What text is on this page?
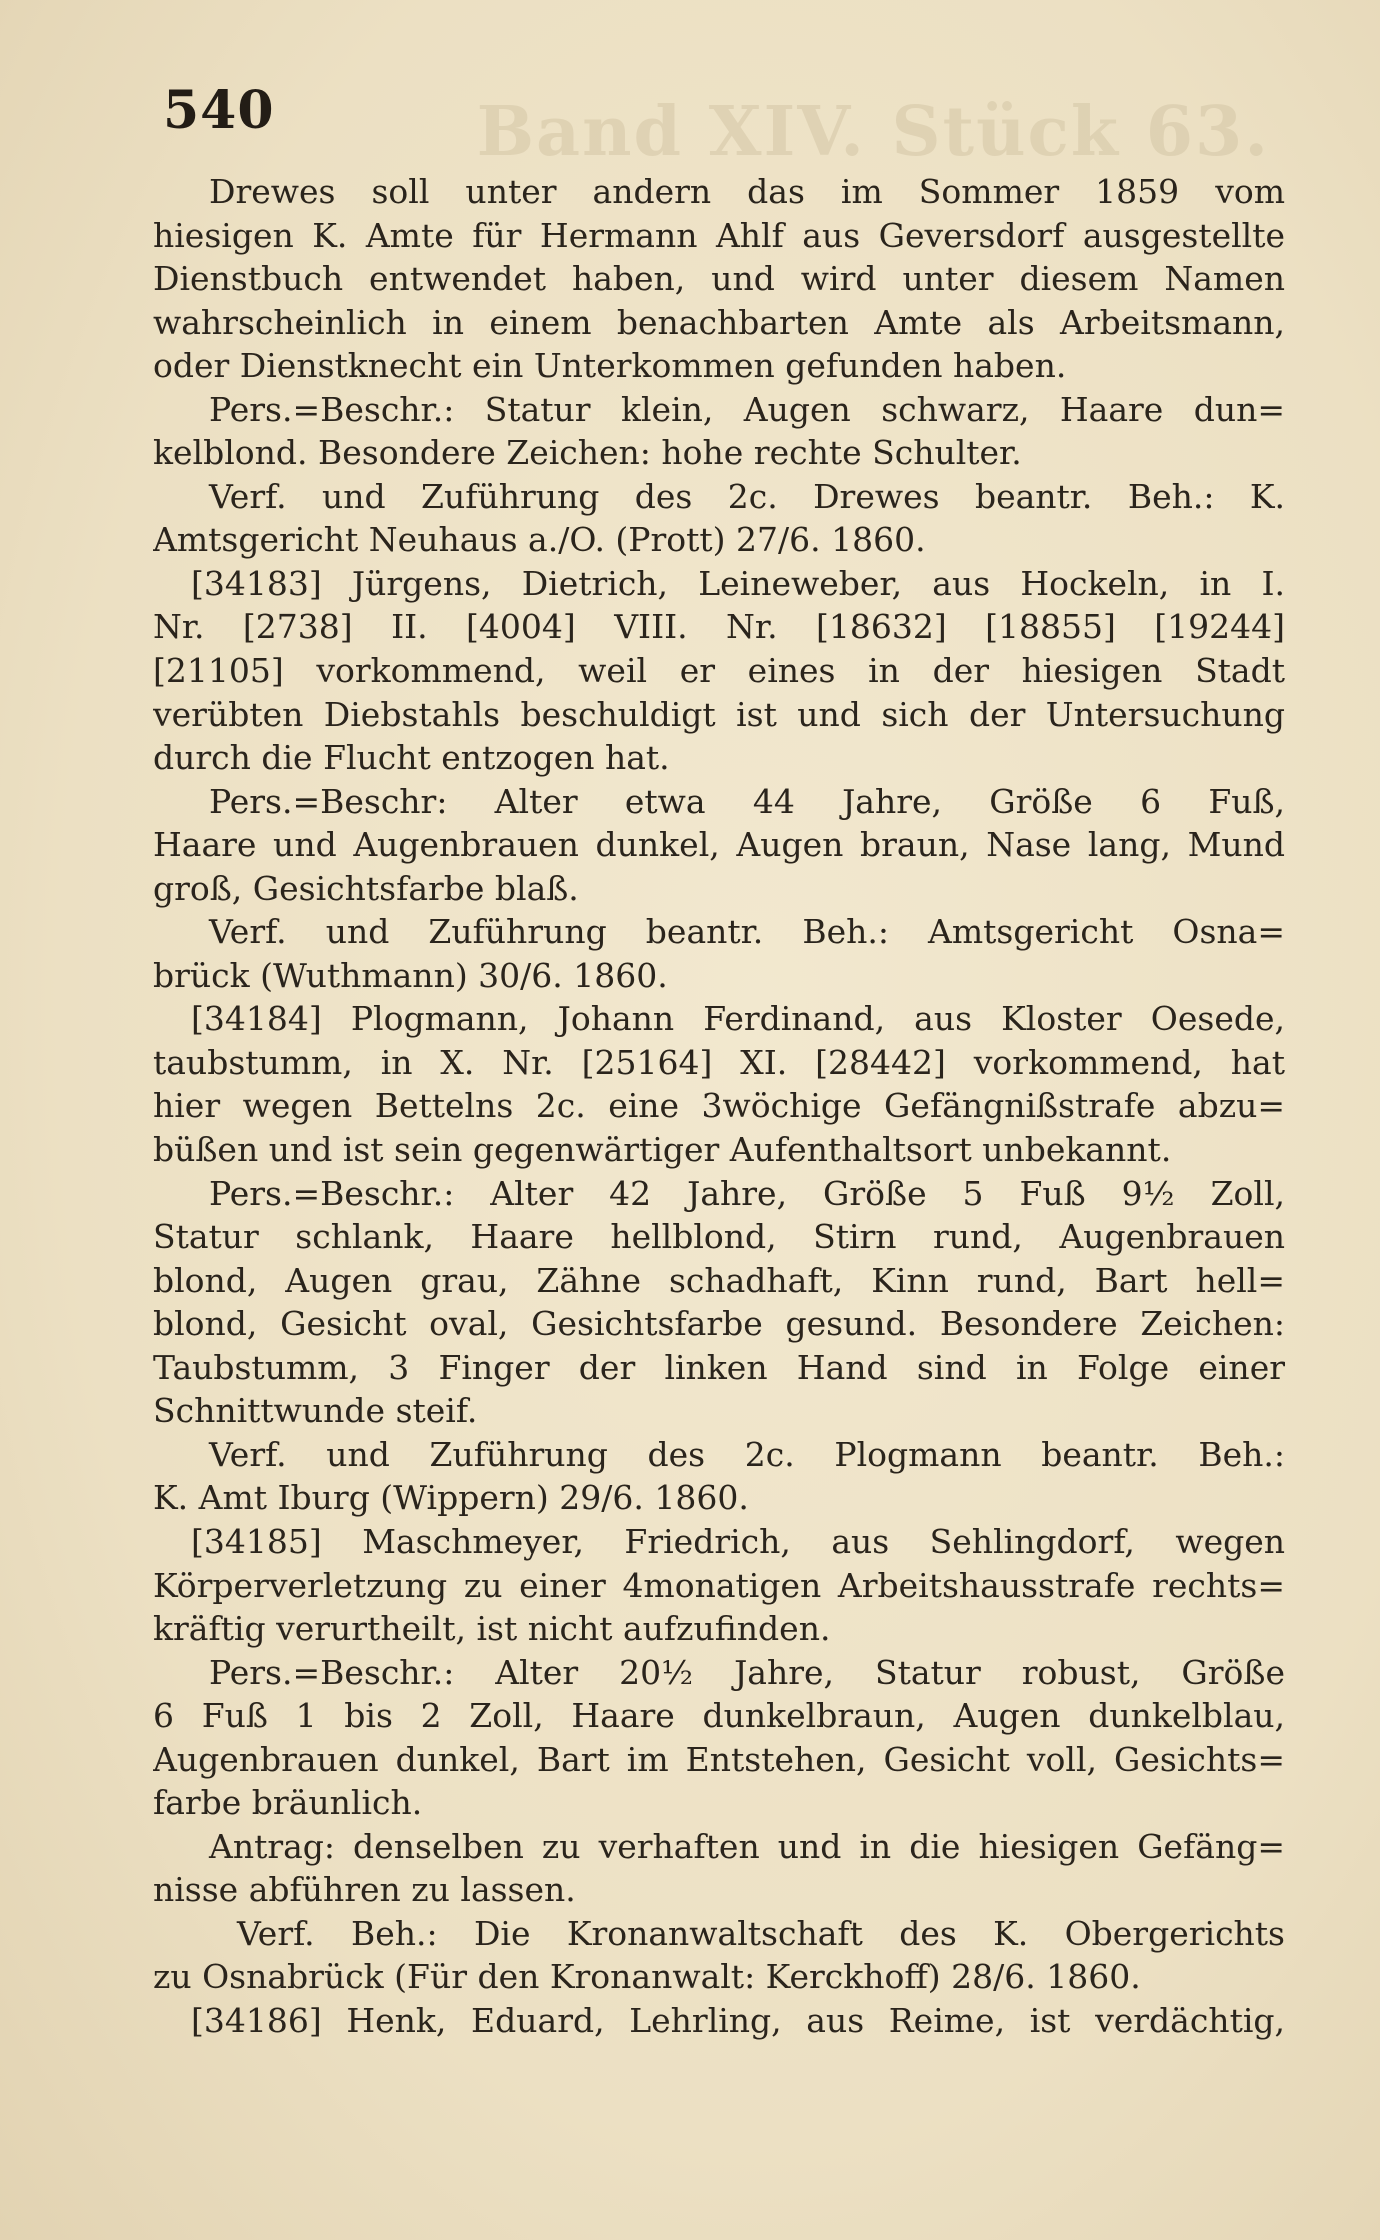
Band XIV. Stück 63.
540
Drewes soll unter andern das im Sommer 1859 vom
hiesigen K. Amte für Hermann Ahlf aus Geversdorf ausgestellte
Dienstbuch entwendet haben, und wird unter diesem Namen
wahrscheinlich in einem benachbarten Amte als Arbeitsmann,
oder Dienstknecht ein Unterkommen gefunden haben.
Pers.=Beschr.: Statur klein, Augen schwarz, Haare dun=
kelblond. Besondere Zeichen: hohe rechte Schulter.
Verf. und Zuführung des 2c. Drewes beantr. Beh.: K.
Amtsgericht Neuhaus a./O. (Prott) 27/6. 1860.
[34183] Jürgens, Dietrich, Leineweber, aus Hockeln, in I.
Nr. [2738] II. [4004] VIII. Nr. [18632] [18855] [19244]
[21105] vorkommend, weil er eines in der hiesigen Stadt
verübten Diebstahls beschuldigt ist und sich der Untersuchung
durch die Flucht entzogen hat.
Pers.=Beschr: Alter etwa 44 Jahre, Größe 6 Fuß,
Haare und Augenbrauen dunkel, Augen braun, Nase lang, Mund
groß, Gesichtsfarbe blaß.
Verf. und Zuführung beantr. Beh.: Amtsgericht Osna=
brück (Wuthmann) 30/6. 1860.
[34184] Plogmann, Johann Ferdinand, aus Kloster Oesede,
taubstumm, in X. Nr. [25164] XI. [28442] vorkommend, hat
hier wegen Bettelns 2c. eine 3wöchige Gefängnißstrafe abzu=
büßen und ist sein gegenwärtiger Aufenthaltsort unbekannt.
Pers.=Beschr.: Alter 42 Jahre, Größe 5 Fuß 9½ Zoll,
Statur schlank, Haare hellblond, Stirn rund, Augenbrauen
blond, Augen grau, Zähne schadhaft, Kinn rund, Bart hell=
blond, Gesicht oval, Gesichtsfarbe gesund. Besondere Zeichen:
Taubstumm, 3 Finger der linken Hand sind in Folge einer
Schnittwunde steif.
Verf. und Zuführung des 2c. Plogmann beantr. Beh.:
K. Amt Iburg (Wippern) 29/6. 1860.
[34185] Maschmeyer, Friedrich, aus Sehlingdorf, wegen
Körperverletzung zu einer 4monatigen Arbeitshausstrafe rechts=
kräftig verurtheilt, ist nicht aufzufinden.
Pers.=Beschr.: Alter 20½ Jahre, Statur robust, Größe
6 Fuß 1 bis 2 Zoll, Haare dunkelbraun, Augen dunkelblau,
Augenbrauen dunkel, Bart im Entstehen, Gesicht voll, Gesichts=
farbe bräunlich.
Antrag: denselben zu verhaften und in die hiesigen Gefäng=
nisse abführen zu lassen.
Verf. Beh.: Die Kronanwaltschaft des K. Obergerichts
zu Osnabrück (Für den Kronanwalt: Kerckhoff) 28/6. 1860.
[34186] Henk, Eduard, Lehrling, aus Reime, ist verdächtig,
